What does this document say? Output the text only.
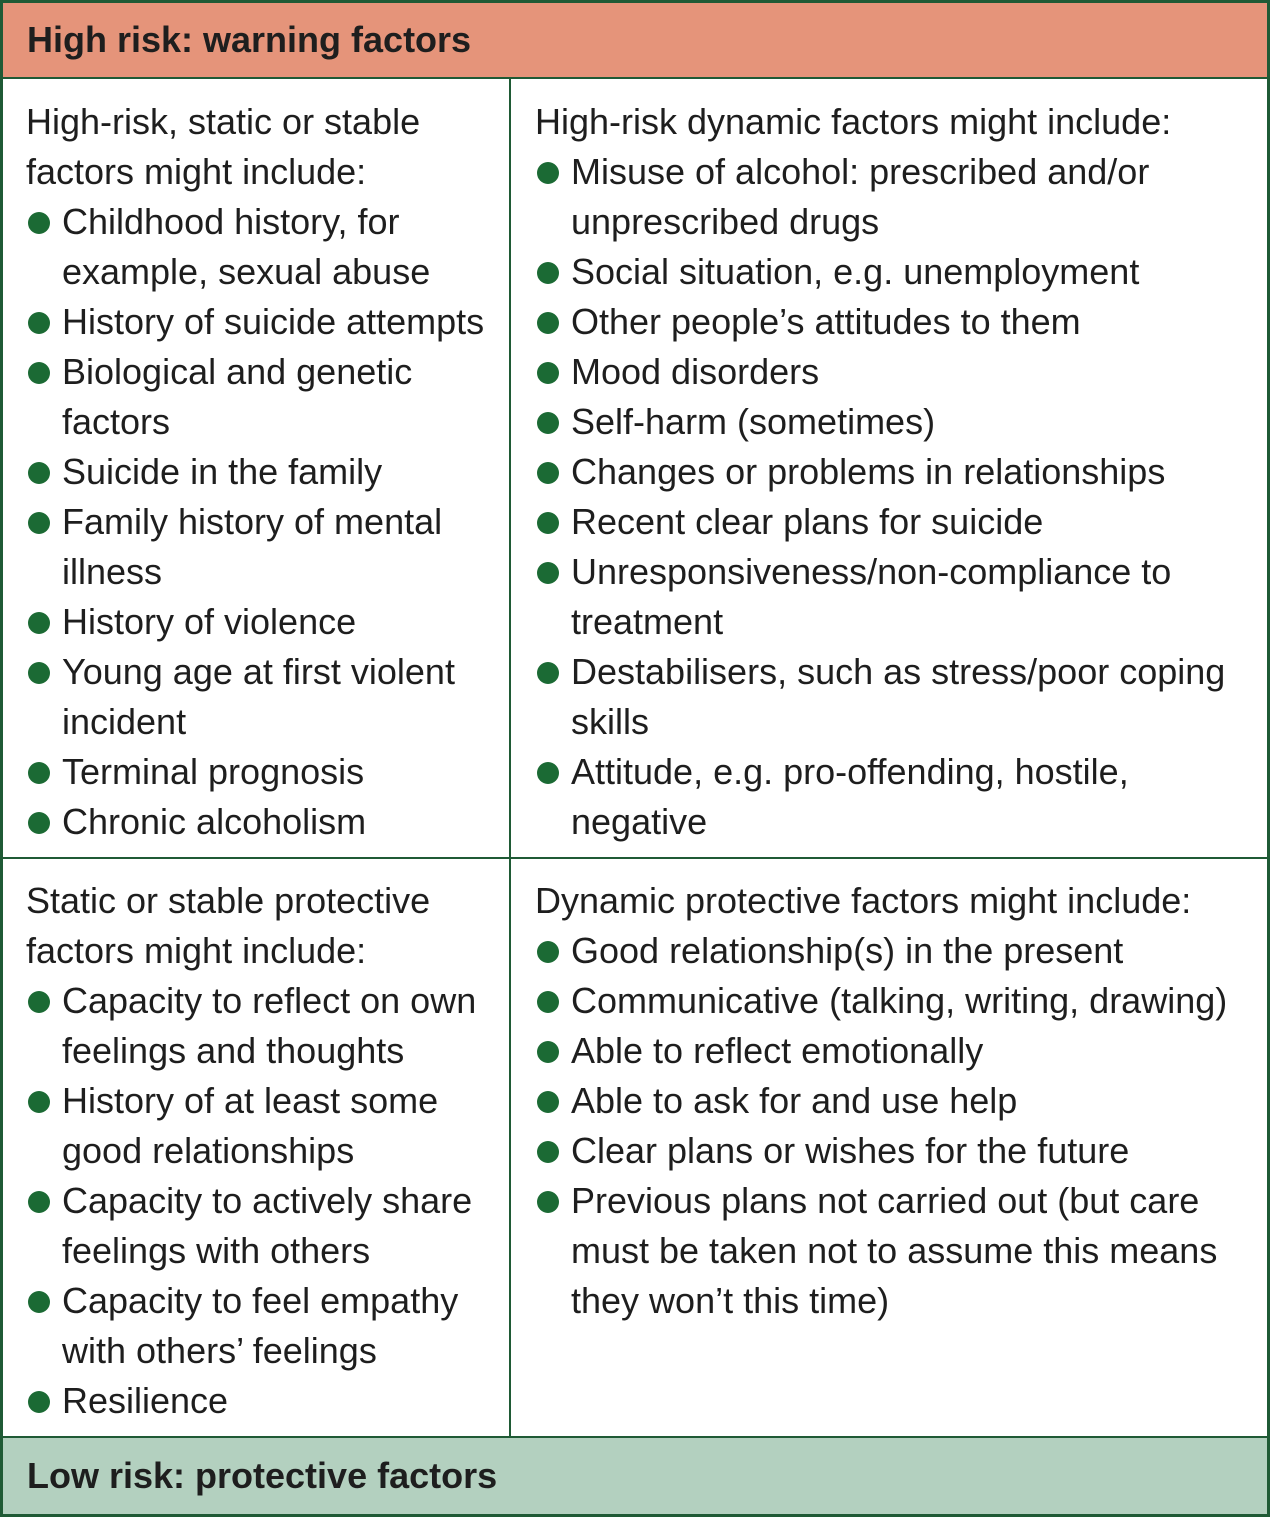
High risk: warning factors

High-risk, static or stable factors might include:

Childhood history, for example, sexual abuse
History of suicide attempts
Biological and genetic factors
Suicide in the family
Family history of mental illness
History of violence
Young age at first violent incident
Terminal prognosis
Chronic alcoholism

High-risk dynamic factors might include:

Misuse of alcohol: prescribed and/or unprescribed drugs
Social situation, e.g. unemployment
Other people’s attitudes to them
Mood disorders
Self-harm (sometimes)
Changes or problems in relationships
Recent clear plans for suicide
Unresponsiveness/non-compliance to treatment
Destabilisers, such as stress/poor coping skills
Attitude, e.g. pro-offending, hostile, negative

Static or stable protective factors might include:

Capacity to reflect on own feelings and thoughts
History of at least some good relationships
Capacity to actively share feelings with others
Capacity to feel empathy with others’ feelings
Resilience

Dynamic protective factors might include:

Good relationship(s) in the present
Communicative (talking, writing, drawing)
Able to reflect emotionally
Able to ask for and use help
Clear plans or wishes for the future
Previous plans not carried out (but care must be taken not to assume this means they won’t this time)
Low risk: protective factors
